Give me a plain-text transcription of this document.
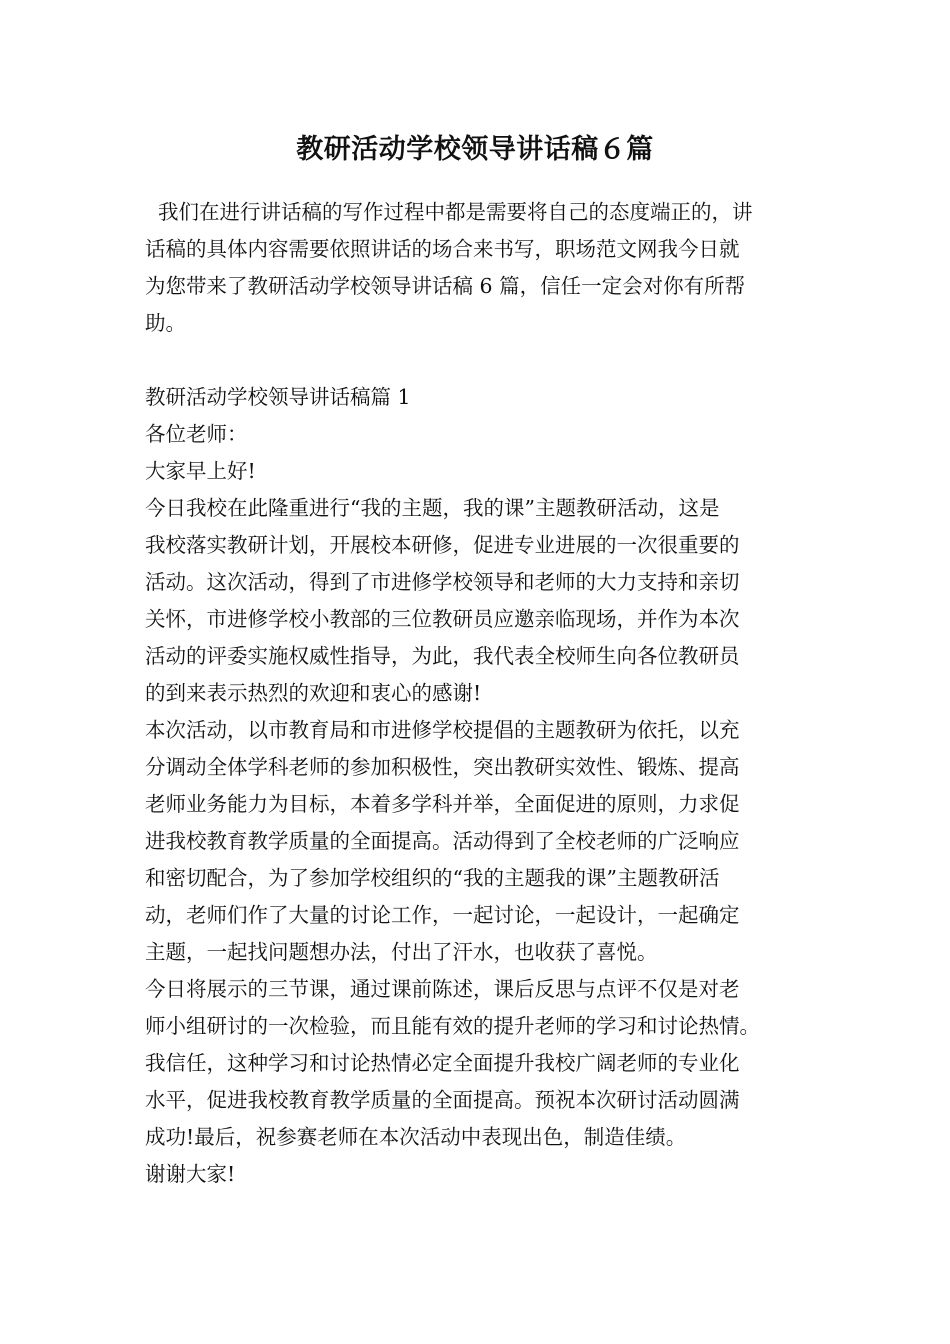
教研活动学校领导讲话稿６篇
我们在进行讲话稿的写作过程中都是需要将自己的态度端正的，讲
话稿的具体内容需要依照讲话的场合来书写，职场范文网我今日就
为您带来了教研活动学校领导讲话稿 6 篇，信任一定会对你有所帮
助。
教研活动学校领导讲话稿篇 1
各位老师：
大家早上好!
今日我校在此隆重进行“我的主题，我的课”主题教研活动，这是
我校落实教研计划，开展校本研修，促进专业进展的一次很重要的
活动。这次活动，得到了市进修学校领导和老师的大力支持和亲切
关怀，市进修学校小教部的三位教研员应邀亲临现场，并作为本次
活动的评委实施权威性指导，为此，我代表全校师生向各位教研员
的到来表示热烈的欢迎和衷心的感谢!
本次活动，以市教育局和市进修学校提倡的主题教研为依托，以充
分调动全体学科老师的参加积极性，突出教研实效性、锻炼、提高
老师业务能力为目标，本着多学科并举，全面促进的原则，力求促
进我校教育教学质量的全面提高。活动得到了全校老师的广泛响应
和密切配合，为了参加学校组织的“我的主题我的课”主题教研活
动，老师们作了大量的讨论工作，一起讨论，一起设计，一起确定
主题，一起找问题想办法，付出了汗水，也收获了喜悦。
今日将展示的三节课，通过课前陈述，课后反思与点评不仅是对老
师小组研讨的一次检验，而且能有效的提升老师的学习和讨论热情。
我信任，这种学习和讨论热情必定全面提升我校广阔老师的专业化
水平，促进我校教育教学质量的全面提高。预祝本次研讨活动圆满
成功!最后，祝参赛老师在本次活动中表现出色，制造佳绩。
谢谢大家!
